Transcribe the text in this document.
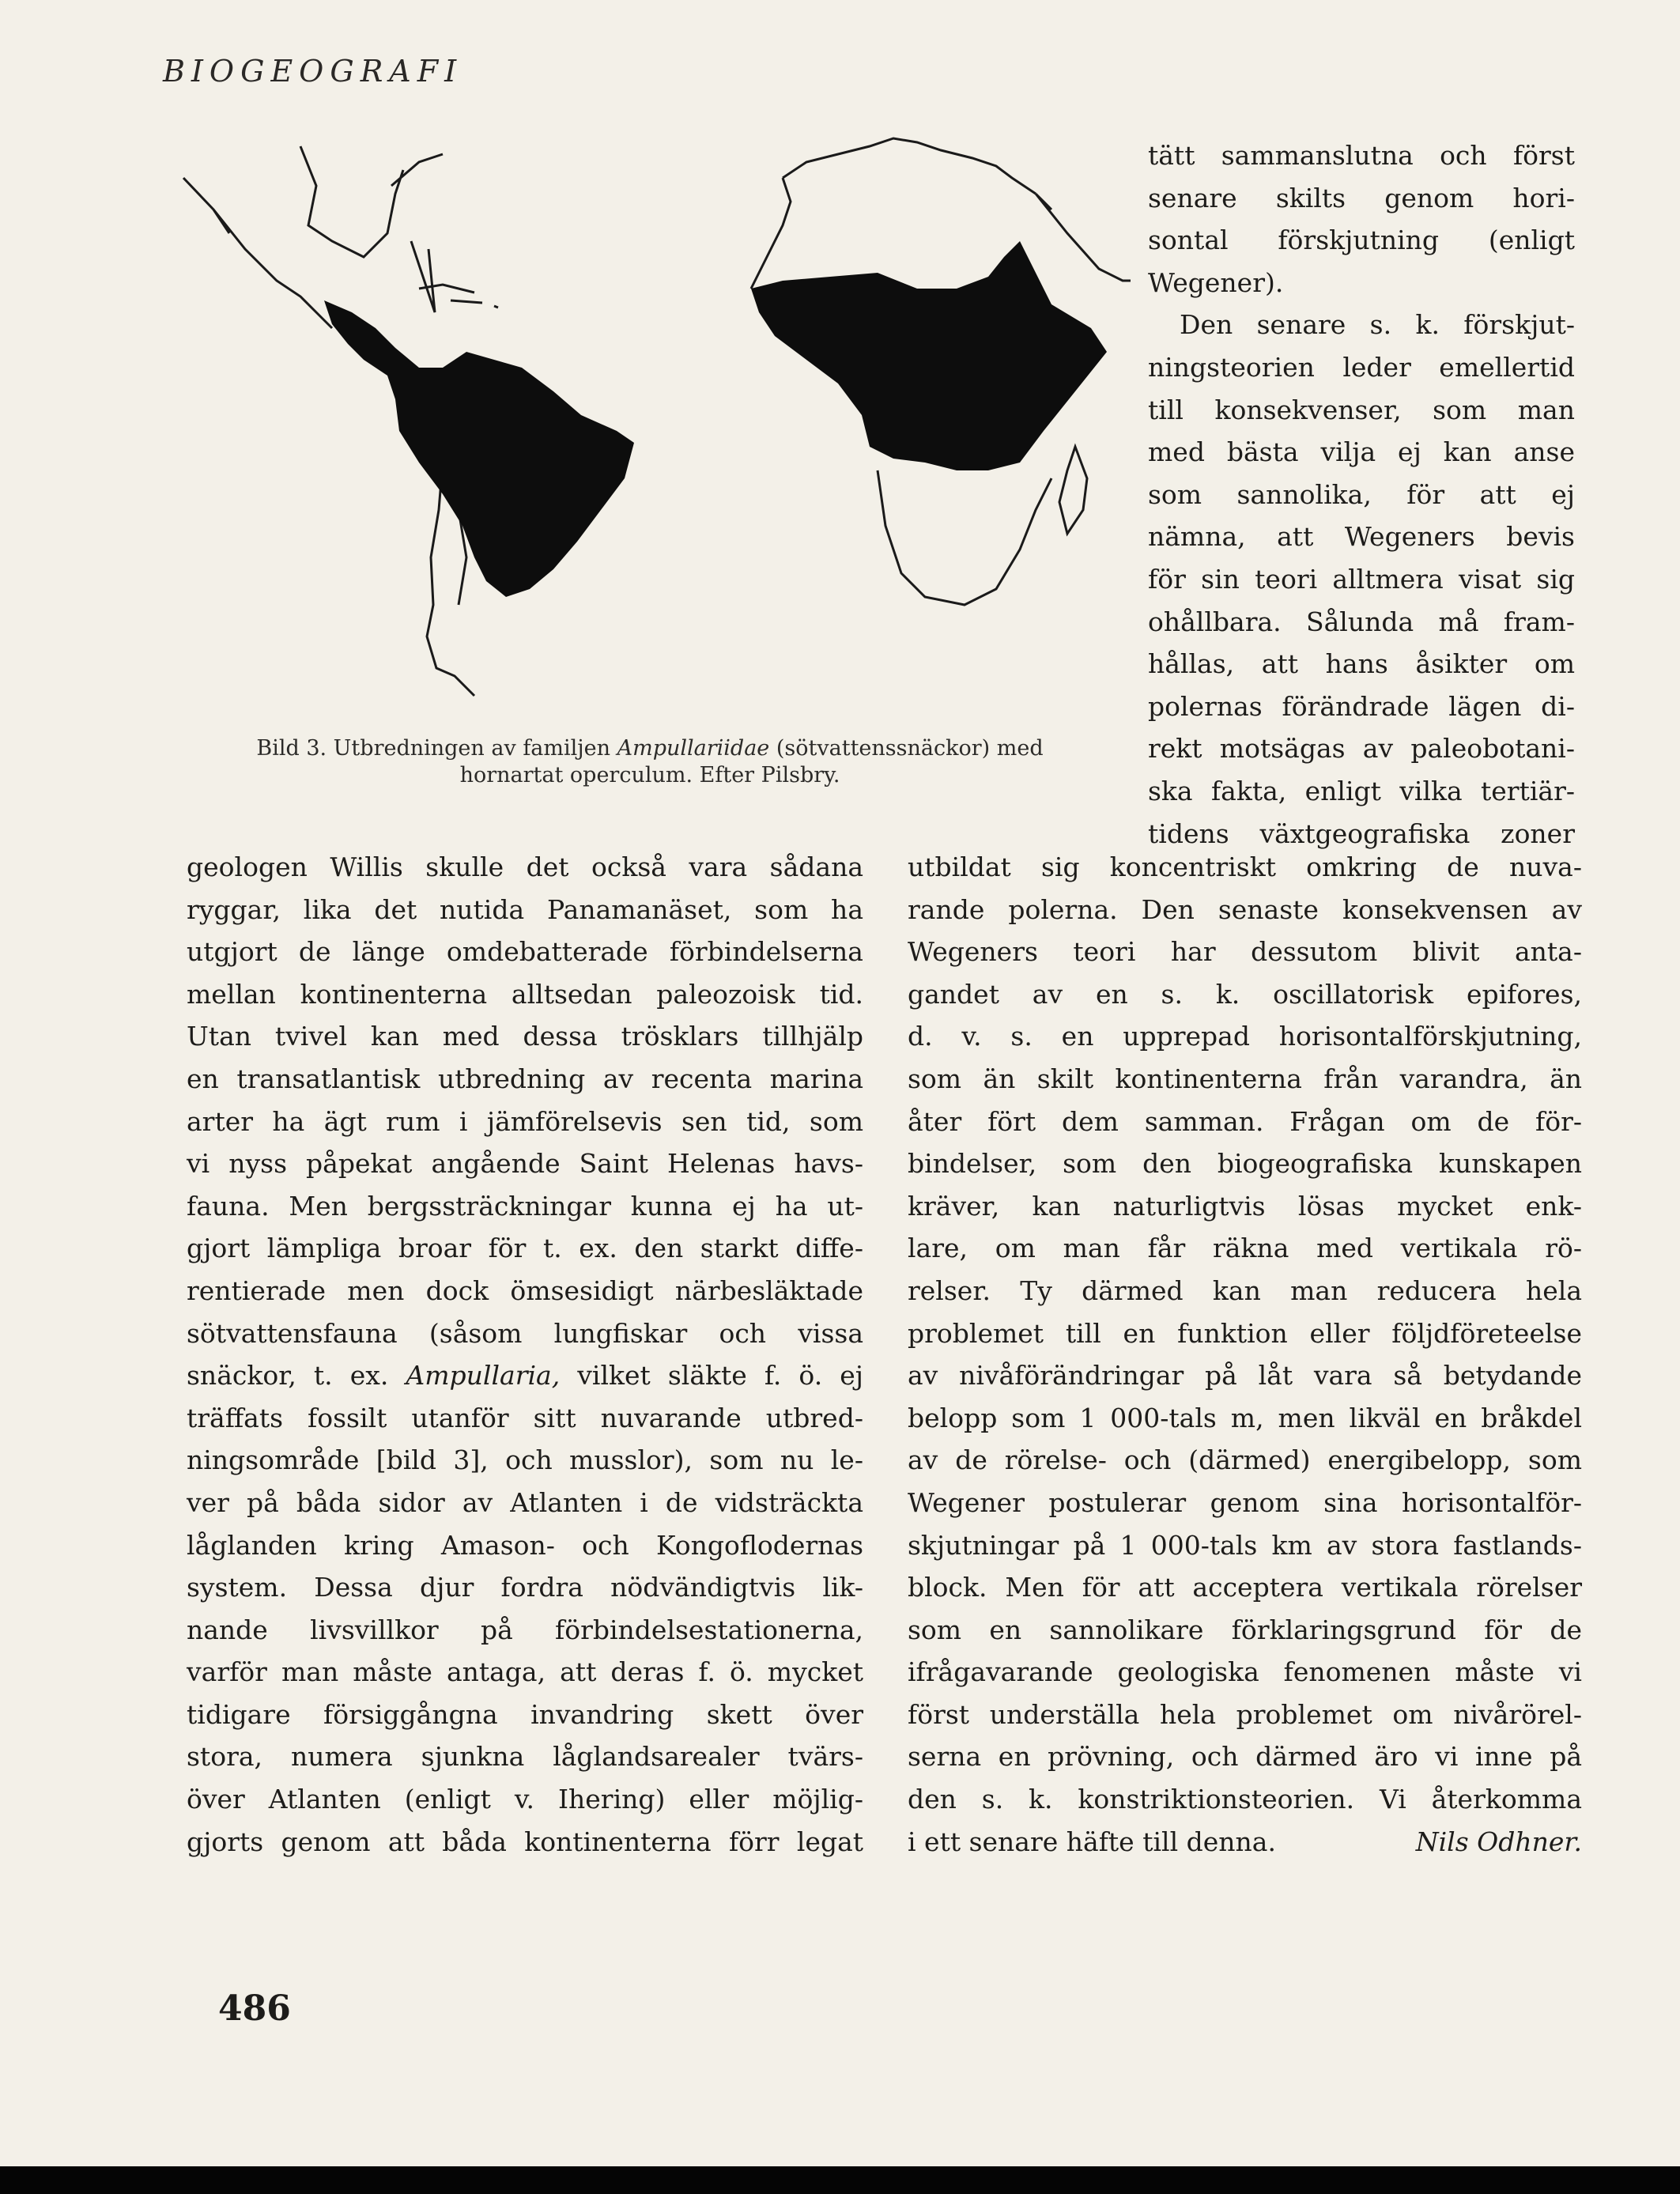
BIOGEOGRAFI
Bild 3. Utbredningen av familjen Ampullariidae (sötvattenssnäckor) med
hornartat operculum. Efter Pilsbry.
tätt sammanslutna och först
senare skilts genom hori-
sontal förskjutning (enligt
Wegener).
Den senare s. k. förskjut-
ningsteorien leder emellertid
till konsekvenser, som man
med bästa vilja ej kan anse
som sannolika, för att ej
nämna, att Wegeners bevis
för sin teori alltmera visat sig
ohållbara. Sålunda må fram-
hållas, att hans åsikter om
polernas förändrade lägen di-
rekt motsägas av paleobotani-
ska fakta, enligt vilka tertiär-
tidens växtgeografiska zoner
geologen Willis skulle det också vara sådana
ryggar, lika det nutida Panamanäset, som ha
utgjort de länge omdebatterade förbindelserna
mellan kontinenterna alltsedan paleozoisk tid.
Utan tvivel kan med dessa trösklars tillhjälp
en transatlantisk utbredning av recenta marina
arter ha ägt rum i jämförelsevis sen tid, som
vi nyss påpekat angående Saint Helenas havs-
fauna. Men bergssträckningar kunna ej ha ut-
gjort lämpliga broar för t. ex. den starkt diffe-
rentierade men dock ömsesidigt närbesläktade
sötvattensfauna (såsom lungfiskar och vissa
snäckor, t. ex. Ampullaria, vilket släkte f. ö. ej
träffats fossilt utanför sitt nuvarande utbred-
ningsområde [bild 3], och musslor), som nu le-
ver på båda sidor av Atlanten i de vidsträckta
låglanden kring Amason- och Kongoflodernas
system. Dessa djur fordra nödvändigtvis lik-
nande livsvillkor på förbindelsestationerna,
varför man måste antaga, att deras f. ö. mycket
tidigare försiggångna invandring skett över
stora, numera sjunkna låglandsarealer tvärs-
över Atlanten (enligt v. Ihering) eller möjlig-
gjorts genom att båda kontinenterna förr legat
utbildat sig koncentriskt omkring de nuva-
rande polerna. Den senaste konsekvensen av
Wegeners teori har dessutom blivit anta-
gandet av en s. k. oscillatorisk epifores,
d. v. s. en upprepad horisontalförskjutning,
som än skilt kontinenterna från varandra, än
åter fört dem samman. Frågan om de för-
bindelser, som den biogeografiska kunskapen
kräver, kan naturligtvis lösas mycket enk-
lare, om man får räkna med vertikala rö-
relser. Ty därmed kan man reducera hela
problemet till en funktion eller följdföreteelse
av nivåförändringar på låt vara så betydande
belopp som 1 000-tals m, men likväl en bråkdel
av de rörelse- och (därmed) energibelopp, som
Wegener postulerar genom sina horisontalför-
skjutningar på 1 000-tals km av stora fastlands-
block. Men för att acceptera vertikala rörelser
som en sannolikare förklaringsgrund för de
ifrågavarande geologiska fenomenen måste vi
först underställa hela problemet om nivårörel-
serna en prövning, och därmed äro vi inne på
den s. k. konstriktionsteorien. Vi återkomma
i ett senare häfte till denna.	Nils Odhner.
486
